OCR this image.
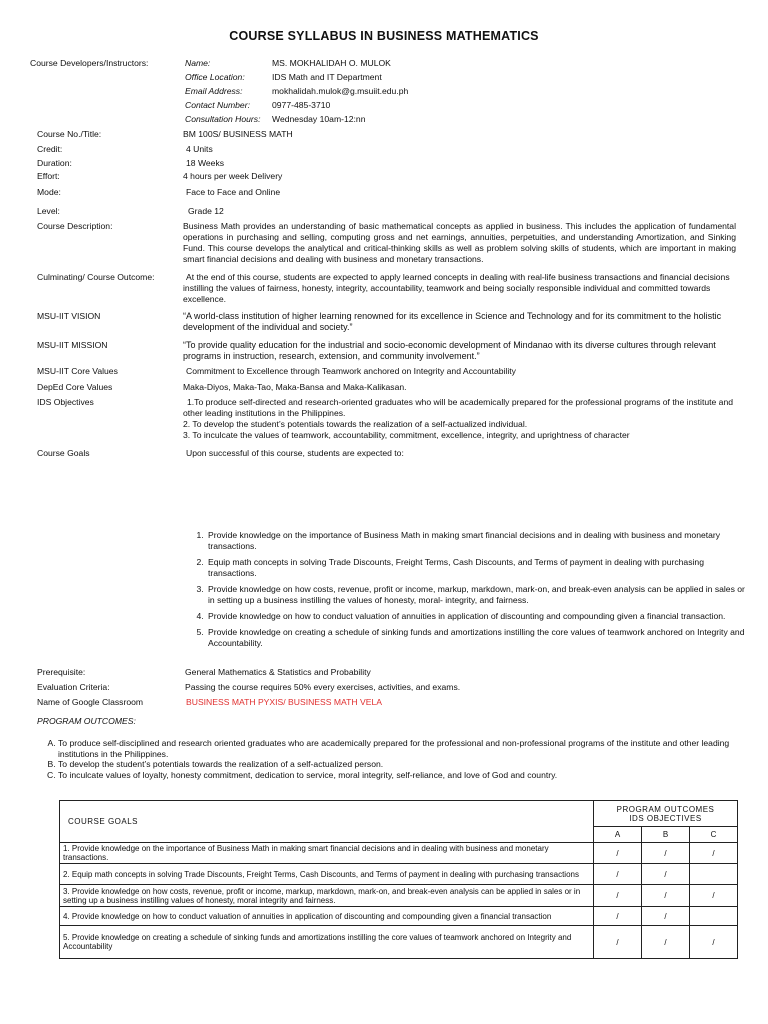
COURSE SYLLABUS IN BUSINESS MATHEMATICS
Course Developers/Instructors:	Name:	MS. MOKHALIDAH O. MULOK
Office Location:	IDS Math and IT Department
Email Address:	mokhalidah.mulok@g.msuiit.edu.ph
Contact Number:	0977-485-3710
Consultation Hours: Wednesday 10am-12:nn
Course No./Title:	BM 100S/ BUSINESS MATH
Credit:	4 Units
Duration:	18 Weeks
Effort:	4 hours per week Delivery
Mode:	Face to Face and Online
Level:	Grade 12
Course Description:	Business Math provides an understanding of basic mathematical concepts as applied in business. This includes the application of fundamental operations in purchasing and selling, computing gross and net earnings, annuities, perpetuities, and understanding Amortization, and Sinking Fund. This course develops the analytical and critical-thinking skills as well as problem solving skills of students, which are important in making smart financial decisions and dealing with business and monetary transactions.
Culminating/ Course Outcome:	At the end of this course, students are expected to apply learned concepts in dealing with real-life business transactions and financial decisions instilling the values of fairness, honesty, integrity, accountability, teamwork and being socially responsible individual and committed towards excellence.
MSU-IIT VISION	“A world-class institution of higher learning renowned for its excellence in Science and Technology and for its commitment to the holistic development of the individual and society.”
MSU-IIT MISSION	“To provide quality education for the industrial and socio-economic development of Mindanao with its diverse cultures through relevant programs in instruction, research, extension, and community involvement.”
MSU-IIT Core Values	Commitment to Excellence through Teamwork anchored on Integrity and Accountability
DepEd Core Values	Maka-Diyos, Maka-Tao, Maka-Bansa and Maka-Kalikasan.
IDS Objectives	1.To produce self-directed and research-oriented graduates who will be academically prepared for the professional programs of the institute and other leading institutions in the Philippines.
2. To develop the student’s potentials towards the realization of a self-actualized individual.
3. To inculcate the values of teamwork, accountability, commitment, excellence, integrity, and uprightness of character
Course Goals	Upon successful of this course, students are expected to:
1. Provide knowledge on the importance of Business Math in making smart financial decisions and in dealing with business and monetary transactions.
2. Equip math concepts in solving Trade Discounts, Freight Terms, Cash Discounts, and Terms of payment in dealing with purchasing transactions.
3. Provide knowledge on how costs, revenue, profit or income, markup, markdown, mark-on, and break-even analysis can be applied in sales or in setting up a business instilling the values of honesty, moral- integrity, and fairness.
4. Provide knowledge on how to conduct valuation of annuities in application of discounting and compounding given a financial transaction.
5. Provide knowledge on creating a schedule of sinking funds and amortizations instilling the core values of teamwork anchored on Integrity and Accountability.
Prerequisite:	General Mathematics & Statistics and Probability
Evaluation Criteria:	Passing the course requires 50% every exercises, activities, and exams.
Name of Google Classroom	BUSINESS MATH PYXIS/ BUSINESS MATH VELA
PROGRAM OUTCOMES:
A. To produce self-disciplined and research oriented graduates who are academically prepared for the professional and non-professional programs of the institute and other leading institutions in the Philippines.
B. To develop the student’s potentials towards the realization of a self-actualized person.
C. To inculcate values of loyalty, honesty commitment, dedication to service, moral integrity, self-reliance, and love of God and country.
COURSE GOALS	PROGRAM OUTCOMES
IDS OBJECTIVES		

	A	B	C
1. Provide knowledge on the importance of Business Math in making smart financial decisions and in dealing with business and monetary transactions.	/	/	/
2. Equip math concepts in solving Trade Discounts, Freight Terms, Cash Discounts, and Terms of payment in dealing with purchasing transactions	/	/	
3. Provide knowledge on how costs, revenue, profit or income, markup, markdown, mark-on, and break-even analysis can be applied in sales or in setting up a business instilling values of honesty, moral integrity and fairness.	/	/	/
4. Provide knowledge on how to conduct valuation of annuities in application of discounting and compounding given a financial transaction	/	/	
5. Provide knowledge on creating a schedule of sinking funds and amortizations instilling the core values of teamwork anchored on Integrity and Accountability	/	/	/
